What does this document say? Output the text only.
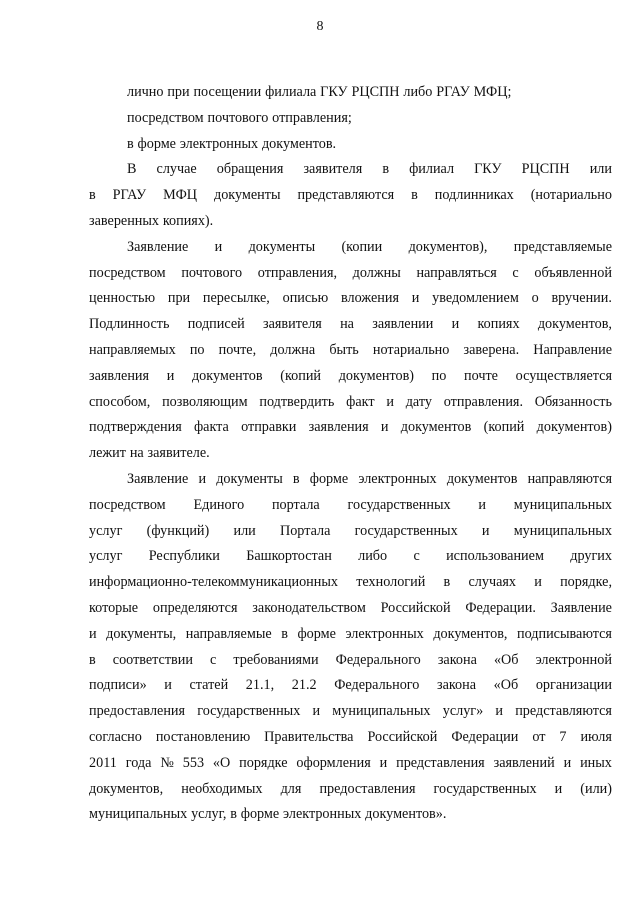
8
лично при посещении филиала ГКУ РЦСПН либо РГАУ МФЦ;
посредством почтового отправления;
в форме электронных документов.
В случае обращения заявителя в филиал ГКУ РЦСПН или
в РГАУ МФЦ документы представляются в подлинниках (нотариально
заверенных копиях).
Заявление и документы (копии документов), представляемые
посредством почтового отправления, должны направляться с объявленной
ценностью при пересылке, описью вложения и уведомлением о вручении.
Подлинность подписей заявителя на заявлении и копиях документов,
направляемых по почте, должна быть нотариально заверена. Направление
заявления и документов (копий документов) по почте осуществляется
способом, позволяющим подтвердить факт и дату отправления. Обязанность
подтверждения факта отправки заявления и документов (копий документов)
лежит на заявителе.
Заявление и документы в форме электронных документов направляются
посредством Единого портала государственных и муниципальных
услуг (функций) или Портала государственных и муниципальных
услуг Республики Башкортостан либо с использованием других
информационно-телекоммуникационных технологий в случаях и порядке,
которые определяются законодательством Российской Федерации. Заявление
и документы, направляемые в форме электронных документов, подписываются
в соответствии с требованиями Федерального закона «Об электронной
подписи» и статей 21.1, 21.2 Федерального закона «Об организации
предоставления государственных и муниципальных услуг» и представляются
согласно постановлению Правительства Российской Федерации от 7 июля
2011 года № 553 «О порядке оформления и представления заявлений и иных
документов, необходимых для предоставления государственных и (или)
муниципальных услуг, в форме электронных документов».
